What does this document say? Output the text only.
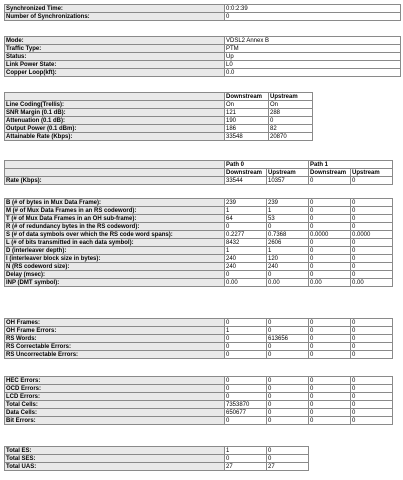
Synchronized Time:	0:0:2:39
Number of Synchronizations:	0
Mode:	VDSL2 Annex B
Traffic Type:	PTM
Status:	Up
Link Power State:	L0
Copper Loop(kft):	0.0
	Downstream	Upstream
Line Coding(Trellis):	On	On
SNR Margin (0.1 dB):	121	288
Attenuation (0.1 dB):	190	0
Output Power (0.1 dBm):	186	82
Attainable Rate (Kbps):	33548	20870
	Path 0		Path 1	
	Downstream	Upstream	Downstream	Upstream
Rate (Kbps):	33544	10357	0	0
B (# of bytes in Mux Data Frame):	239	239	0	0
M (# of Mux Data Frames in an RS codeword):	1	1	0	0
T (# of Mux Data Frames in an OH sub-frame):	64	53	0	0
R (# of redundancy bytes in the RS codeword):	0	0	0	0
S (# of data symbols over which the RS code word spans):	0.2277	0.7368	0.0000	0.0000
L (# of bits transmitted in each data symbol):	8432	2606	0	0
D (interleaver depth):	1	1	0	0
I (interleaver block size in bytes):	240	120	0	0
N (RS codeword size):	240	240	0	0
Delay (msec):	0	0	0	0
INP (DMT symbol):	0.00	0.00	0.00	0.00
OH Frames:	0	0	0	0
OH Frame Errors:	1	0	0	0
RS Words:	0	613656	0	0
RS Correctable Errors:	0	0	0	0
RS Uncorrectable Errors:	0	0	0	0
HEC Errors:	0	0	0	0
OCD Errors:	0	0	0	0
LCD Errors:	0	0	0	0
Total Cells:	7353870	0	0	0
Data Cells:	650677	0	0	0
Bit Errors:	0	0	0	0
Total ES:	1	0
Total SES:	0	0
Total UAS:	27	27
